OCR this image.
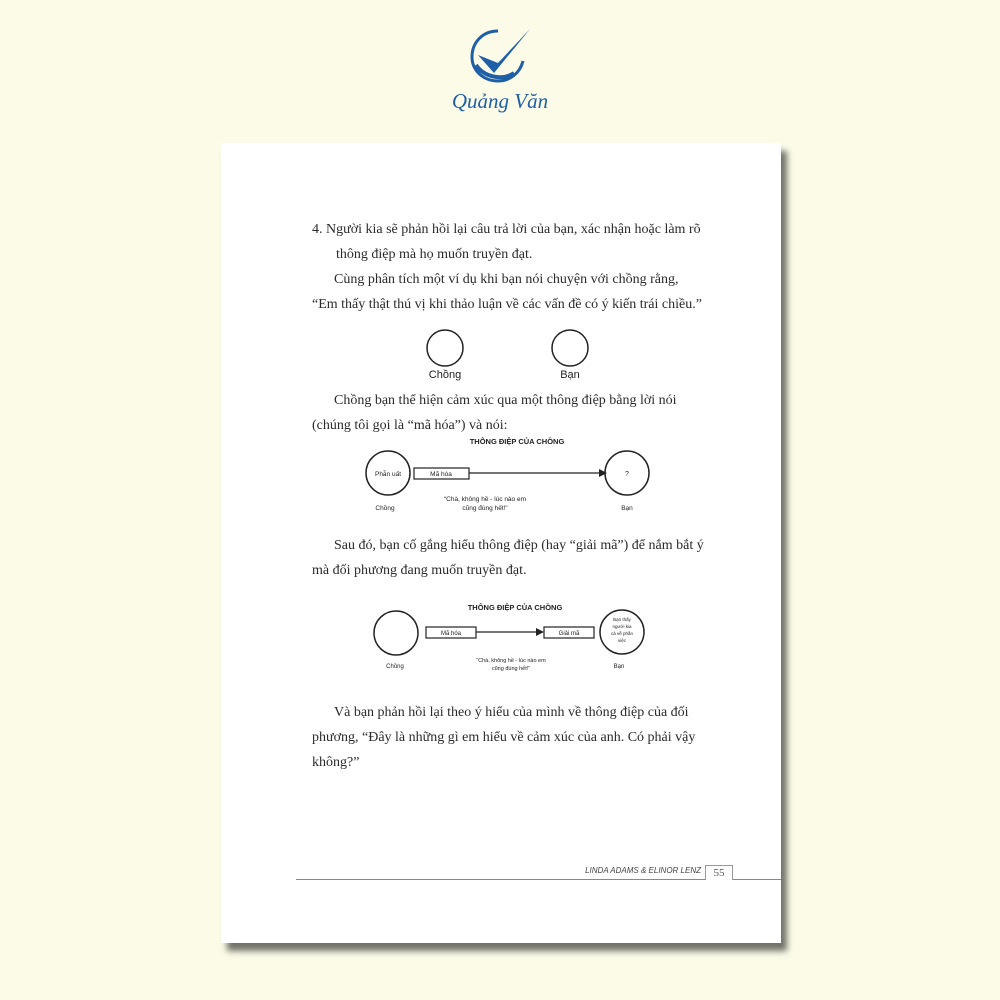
Quảng Văn
4. Người kia sẽ phản hồi lại câu trả lời của bạn, xác nhận hoặc làm rõ thông điệp mà họ muốn truyền đạt.
Cùng phân tích một ví dụ khi bạn nói chuyện với chồng rằng, “Em thấy thật thú vị khi thảo luận về các vấn đề có ý kiến trái chiều.”
Chồng	Bạn
Chồng bạn thể hiện cảm xúc qua một thông điệp bằng lời nói (chúng tôi gọi là “mã hóa”) và nói:
THÔNG ĐIỆP CỦA CHỒNG
Phẫn uất	Mã hóa	?
“Chà, không hề - lúc nào em
cũng đúng hết!”
Chồng	Bạn
Sau đó, bạn cố gắng hiểu thông điệp (hay “giải mã”) để nắm bắt ý mà đối phương đang muốn truyền đạt.
THÔNG ĐIỆP CỦA CHỒNG
Mã hóa	Giải mã
Bạn thấy
người kia
cả về phần
việc
“Chà, không hề - lúc nào em
cũng đúng hết!”
Chồng	Bạn
Và bạn phản hồi lại theo ý hiểu của mình về thông điệp của đối phương, “Đây là những gì em hiểu về cảm xúc của anh. Có phải vậy không?”
LINDA ADAMS & ELINOR LENZ	55
